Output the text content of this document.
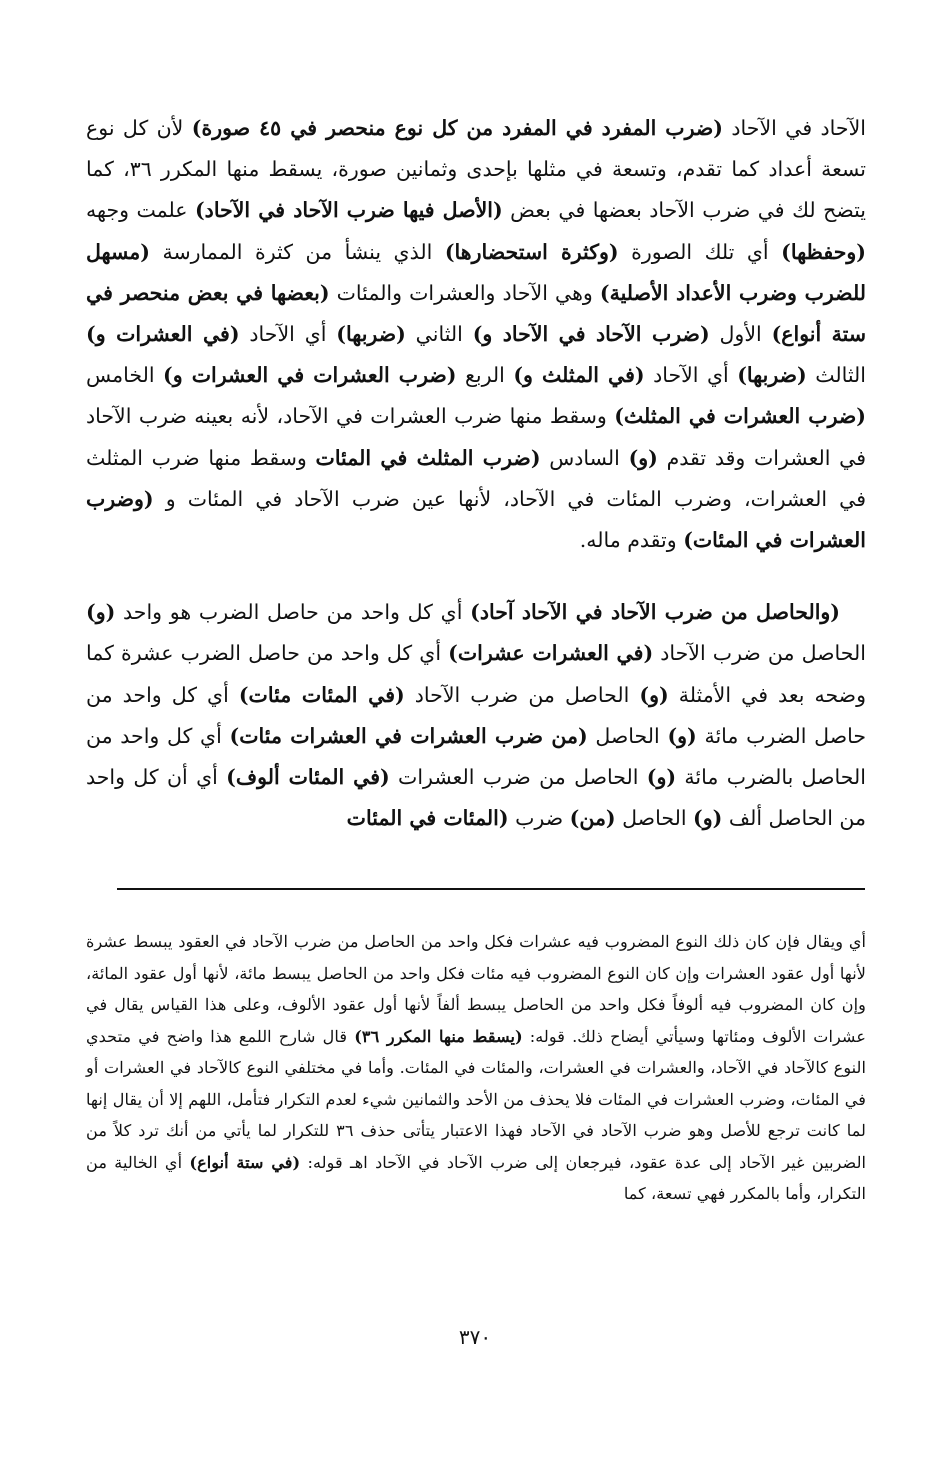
الآحاد في الآحاد (ضرب المفرد في المفرد من كل نوع منحصر في ٤٥ صورة) لأن كل نوع تسعة أعداد كما تقدم، وتسعة في مثلها بإحدى وثمانين صورة، يسقط منها المكرر ٣٦، كما يتضح لك في ضرب الآحاد بعضها في بعض (الأصل فيها ضرب الآحاد في الآحاد) علمت وجهه (وحفظها) أي تلك الصورة (وكثرة استحضارها) الذي ينشأ من كثرة الممارسة (مسهل للضرب وضرب الأعداد الأصلية) وهي الآحاد والعشرات والمئات (بعضها في بعض منحصر في ستة أنواع) الأول (ضرب الآحاد في الآحاد و) الثاني (ضربها) أي الآحاد (في العشرات و) الثالث (ضربها) أي الآحاد (في المثلث و) الربع (ضرب العشرات في العشرات و) الخامس (ضرب العشرات في المثلث) وسقط منها ضرب العشرات في الآحاد، لأنه بعينه ضرب الآحاد في العشرات وقد تقدم (و) السادس (ضرب المثلث في المئات وسقط منها ضرب المثلث في العشرات، وضرب المئات في الآحاد، لأنها عين ضرب الآحاد في المئات و (وضرب العشرات في المئات) وتقدم ماله.

(والحاصل من ضرب الآحاد في الآحاد آحاد) أي كل واحد من حاصل الضرب هو واحد (و) الحاصل من ضرب الآحاد (في العشرات عشرات) أي كل واحد من حاصل الضرب عشرة كما وضحه بعد في الأمثلة (و) الحاصل من ضرب الآحاد (في المئات مئات) أي كل واحد من حاصل الضرب مائة (و) الحاصل (من ضرب العشرات في العشرات مئات) أي كل واحد من الحاصل بالضرب مائة (و) الحاصل من ضرب العشرات (في المئات ألوف) أي أن كل واحد من الحاصل ألف (و) الحاصل (من) ضرب (المئات في المئات

أي ويقال فإن كان ذلك النوع المضروب فيه عشرات فكل واحد من الحاصل من ضرب الآحاد في العقود يبسط عشرة لأنها أول عقود العشرات وإن كان النوع المضروب فيه مئات فكل واحد من الحاصل يبسط مائة، لأنها أول عقود المائة، وإن كان المضروب فيه ألوفاً فكل واحد من الحاصل يبسط ألفاً لأنها أول عقود الألوف، وعلى هذا القياس يقال في عشرات الألوف ومئاتها وسيأتي أيضاح ذلك. قوله: (يسقط منها المكرر ٣٦) قال شارح اللمع هذا واضح في متحدي النوع كالآحاد في الآحاد، والعشرات في العشرات، والمئات في المئات. وأما في مختلفي النوع كالآحاد في العشرات أو في المئات، وضرب العشرات في المئات فلا يحذف من الأحد والثمانين شيء لعدم التكرار فتأمل، اللهم إلا أن يقال إنها لما كانت ترجع للأصل وهو ضرب الآحاد في الآحاد فهذا الاعتبار يتأتى حذف ٣٦ للتكرار لما يأتي من أنك ترد كلاً من الضربين غير الآحاد إلى عدة عقود، فيرجعان إلى ضرب الآحاد في الآحاد اهـ قوله: (في ستة أنواع) أي الخالية من التكرار، وأما بالمكرر فهي تسعة، كما

٣٧٠
